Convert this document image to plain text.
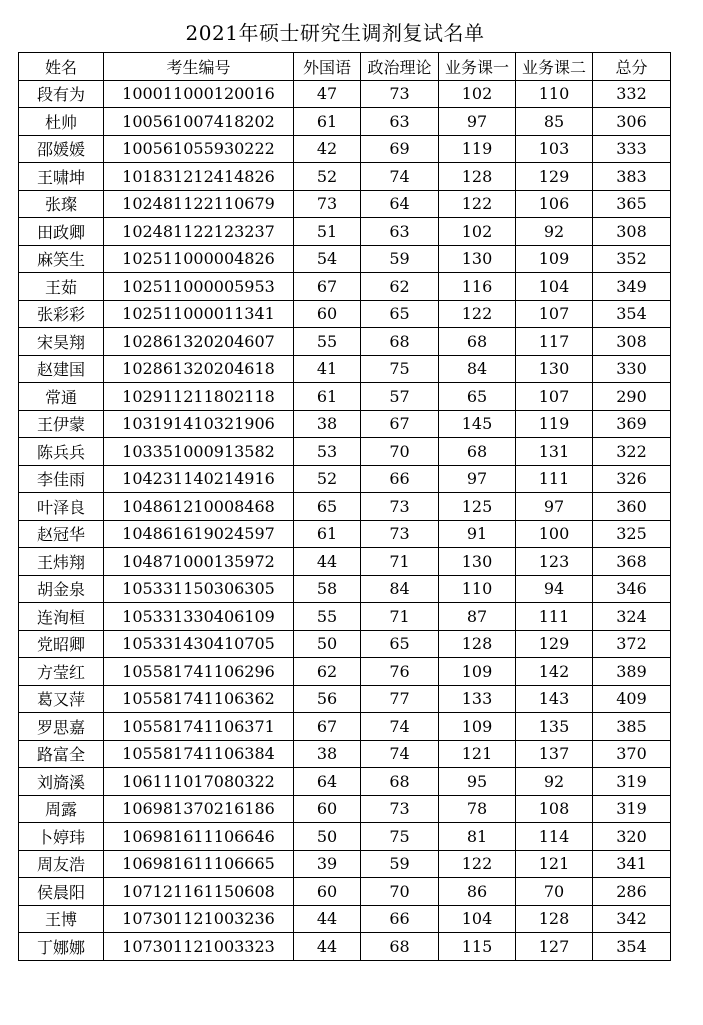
2021年硕士研究生调剂复试名单
姓名	考生编号	外国语	政治理论	业务课一	业务课二	总分
段有为	100011000120016	47	73	102	110	332
杜帅	100561007418202	61	63	97	85	306
邵媛媛	100561055930222	42	69	119	103	333
王啸坤	101831212414826	52	74	128	129	383
张璨	102481122110679	73	64	122	106	365
田政卿	102481122123237	51	63	102	92	308
麻笑生	102511000004826	54	59	130	109	352
王茹	102511000005953	67	62	116	104	349
张彩彩	102511000011341	60	65	122	107	354
宋昊翔	102861320204607	55	68	68	117	308
赵建国	102861320204618	41	75	84	130	330
常通	102911211802118	61	57	65	107	290
王伊蒙	103191410321906	38	67	145	119	369
陈兵兵	103351000913582	53	70	68	131	322
李佳雨	104231140214916	52	66	97	111	326
叶泽良	104861210008468	65	73	125	97	360
赵冠华	104861619024597	61	73	91	100	325
王炜翔	104871000135972	44	71	130	123	368
胡金泉	105331150306305	58	84	110	94	346
连洵桓	105331330406109	55	71	87	111	324
党昭卿	105331430410705	50	65	128	129	372
方莹红	105581741106296	62	76	109	142	389
葛又萍	105581741106362	56	77	133	143	409
罗思嘉	105581741106371	67	74	109	135	385
路富全	105581741106384	38	74	121	137	370
刘旖溪	106111017080322	64	68	95	92	319
周露	106981370216186	60	73	78	108	319
卜婷玮	106981611106646	50	75	81	114	320
周友浩	106981611106665	39	59	122	121	341
侯晨阳	107121161150608	60	70	86	70	286
王博	107301121003236	44	66	104	128	342
丁娜娜	107301121003323	44	68	115	127	354
